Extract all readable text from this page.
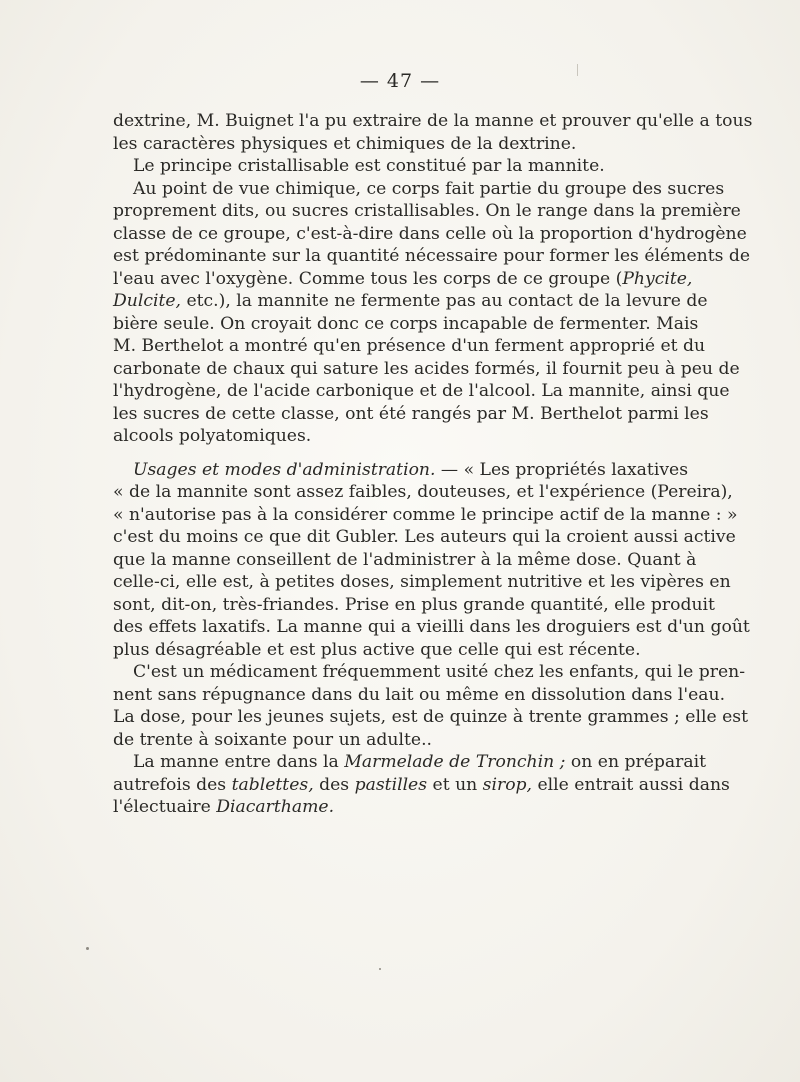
— 47 —
dextrine, M. Buignet l'a pu extraire de la manne et prouver qu'elle a tous
les caractères physiques et chimiques de la dextrine.
Le principe cristallisable est constitué par la mannite.
Au point de vue chimique, ce corps fait partie du groupe des sucres
proprement dits, ou sucres cristallisables. On le range dans la première
classe de ce groupe, c'est-à-dire dans celle où la proportion d'hydrogène
est prédominante sur la quantité nécessaire pour former les éléments de
l'eau avec l'oxygène. Comme tous les corps de ce groupe (Phycite,
Dulcite, etc.), la mannite ne fermente pas au contact de la levure de
bière seule. On croyait donc ce corps incapable de fermenter. Mais
M. Berthelot a montré qu'en présence d'un ferment approprié et du
carbonate de chaux qui sature les acides formés, il fournit peu à peu de
l'hydrogène, de l'acide carbonique et de l'alcool. La mannite, ainsi que
les sucres de cette classe, ont été rangés par M. Berthelot parmi les
alcools polyatomiques.
Usages et modes d'administration. — « Les propriétés laxatives
« de la mannite sont assez faibles, douteuses, et l'expérience (Pereira),
« n'autorise pas à la considérer comme le principe actif de la manne : »
c'est du moins ce que dit Gubler. Les auteurs qui la croient aussi active
que la manne conseillent de l'administrer à la même dose. Quant à
celle-ci, elle est, à petites doses, simplement nutritive et les vipères en
sont, dit-on, très-friandes. Prise en plus grande quantité, elle produit
des effets laxatifs. La manne qui a vieilli dans les droguiers est d'un goût
plus désagréable et est plus active que celle qui est récente.
C'est un médicament fréquemment usité chez les enfants, qui le pren-
nent sans répugnance dans du lait ou même en dissolution dans l'eau.
La dose, pour les jeunes sujets, est de quinze à trente grammes ; elle est
de trente à soixante pour un adulte..
La manne entre dans la Marmelade de Tronchin ; on en préparait
autrefois des tablettes, des pastilles et un sirop, elle entrait aussi dans
l'électuaire Diacarthame.
